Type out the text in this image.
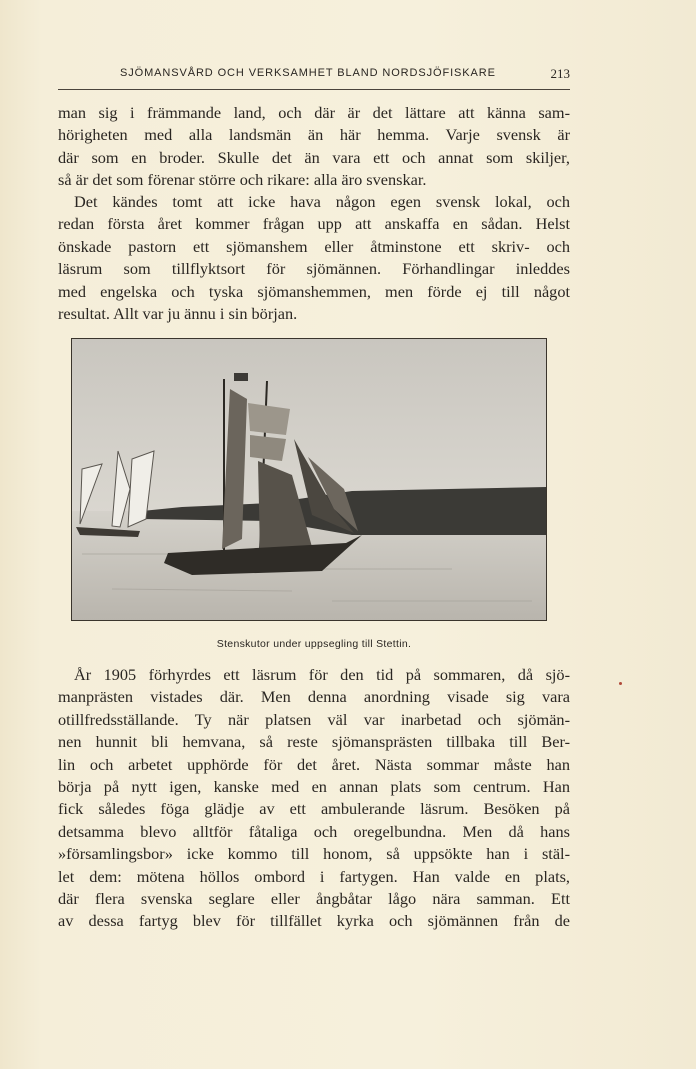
SJÖMANSVÅRD OCH VERKSAMHET BLAND NORDSJÖFISKARE	213
man sig i främmande land, och där är det lättare att känna sam-
hörigheten med alla landsmän än här hemma. Varje svensk är
där som en broder. Skulle det än vara ett och annat som skiljer,
så är det som förenar större och rikare: alla äro svenskar.
Det kändes tomt att icke hava någon egen svensk lokal, och
redan första året kommer frågan upp att anskaffa en sådan. Helst
önskade pastorn ett sjömanshem eller åtminstone ett skriv- och
läsrum som tillflyktsort för sjömännen. Förhandlingar inleddes
med engelska och tyska sjömanshemmen, men förde ej till något
resultat. Allt var ju ännu i sin början.
Stenskutor under uppsegling till Stettin.
År 1905 förhyrdes ett läsrum för den tid på sommaren, då sjö-
manprästen vistades där. Men denna anordning visade sig vara
otillfredsställande. Ty när platsen väl var inarbetad och sjömän-
nen hunnit bli hemvana, så reste sjömansprästen tillbaka till Ber-
lin och arbetet upphörde för det året. Nästa sommar måste han
börja på nytt igen, kanske med en annan plats som centrum. Han
fick således föga glädje av ett ambulerande läsrum. Besöken på
detsamma blevo alltför fåtaliga och oregelbundna. Men då hans
»församlingsbor» icke kommo till honom, så uppsökte han i stäl-
let dem: mötena höllos ombord i fartygen. Han valde en plats,
där flera svenska seglare eller ångbåtar lågo nära samman. Ett
av dessa fartyg blev för tillfället kyrka och sjömännen från de
